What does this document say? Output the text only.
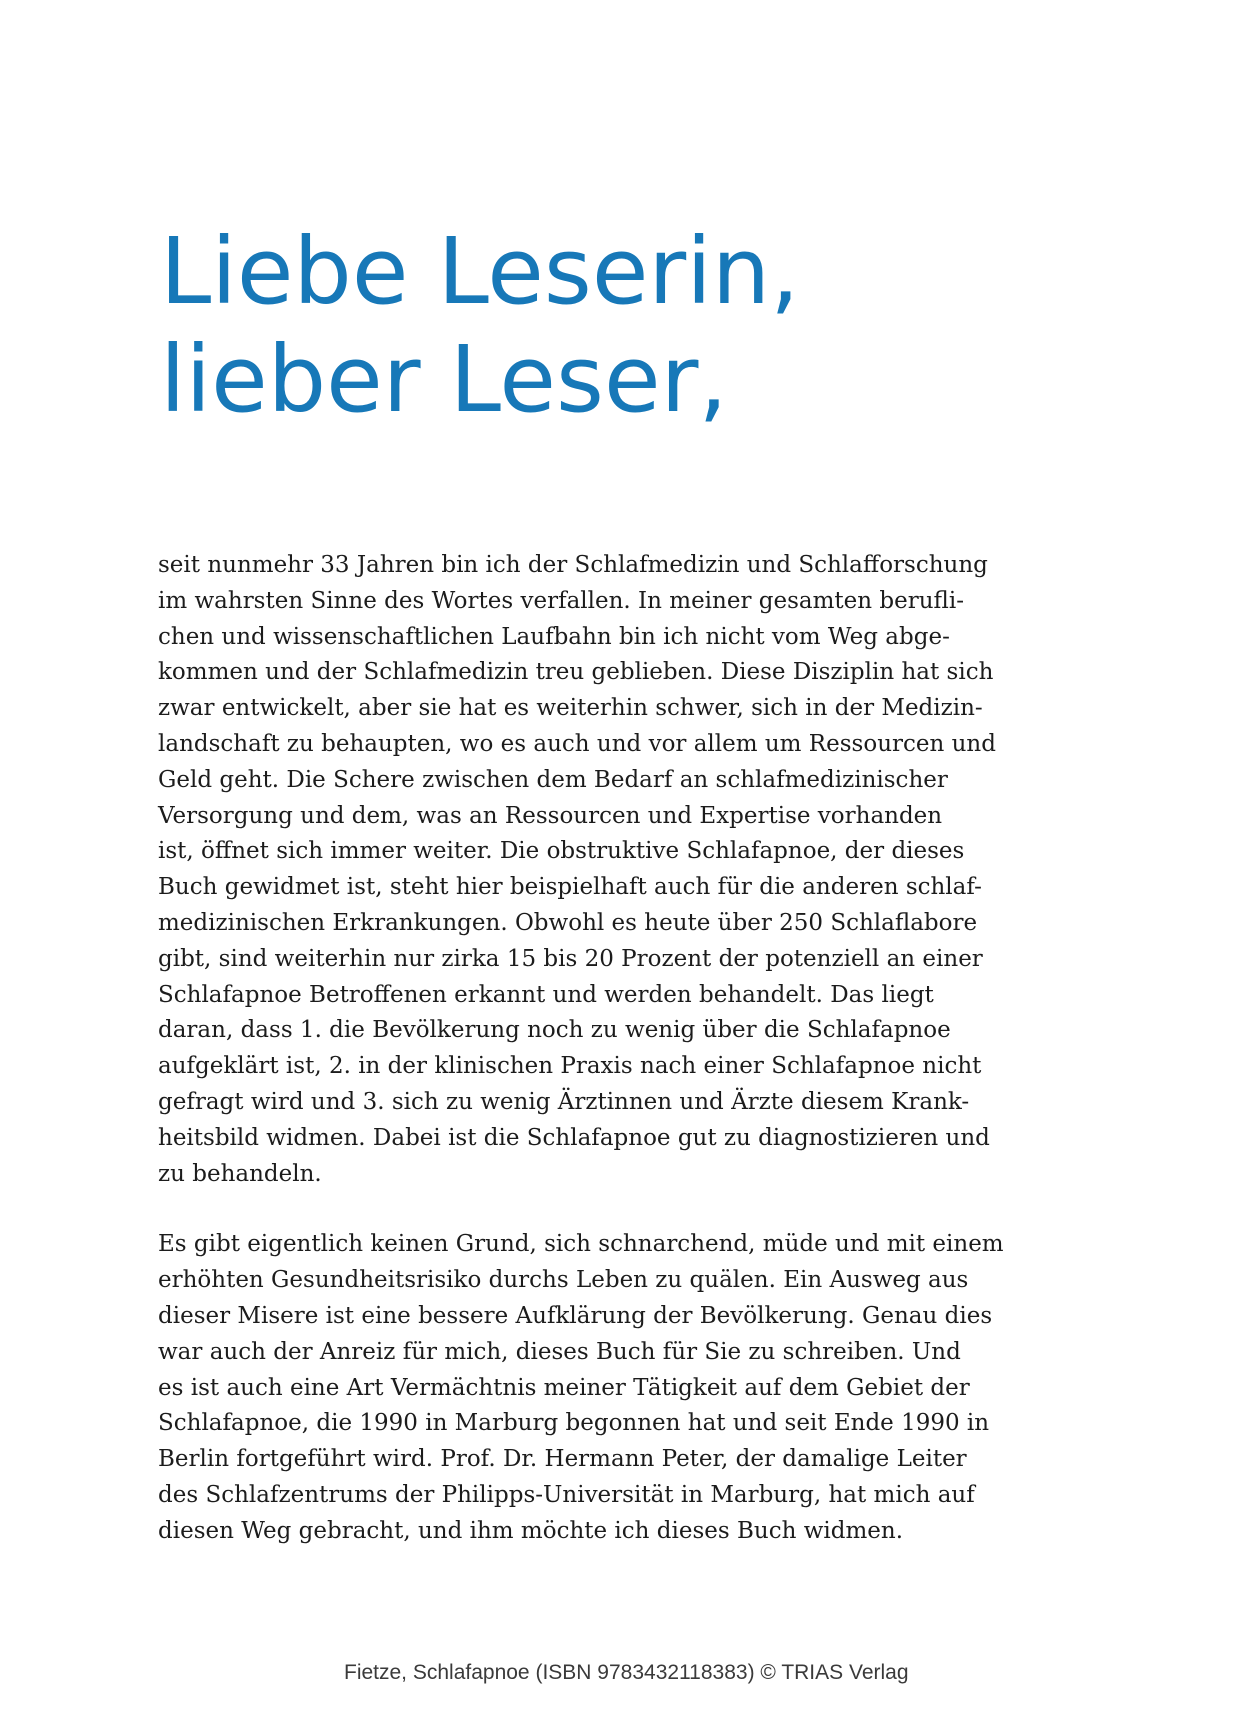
Liebe Leserin,
lieber Leser,

seit nunmehr 33 Jahren bin ich der Schlafmedizin und Schlafforschung
im wahrsten Sinne des Wortes verfallen. In meiner gesamten berufli-
chen und wissenschaftlichen Laufbahn bin ich nicht vom Weg abge-
kommen und der Schlafmedizin treu geblieben. Diese Disziplin hat sich
zwar entwickelt, aber sie hat es weiterhin schwer, sich in der Medizin-
landschaft zu behaupten, wo es auch und vor allem um Ressourcen und
Geld geht. Die Schere zwischen dem Bedarf an schlafmedizinischer
Versorgung und dem, was an Ressourcen und Expertise vorhanden
ist, öffnet sich immer weiter. Die obstruktive Schlafapnoe, der dieses
Buch gewidmet ist, steht hier beispielhaft auch für die anderen schlaf-
medizinischen Erkrankungen. Obwohl es heute über 250 Schlaflabore
gibt, sind weiterhin nur zirka 15 bis 20 Prozent der potenziell an einer
Schlafapnoe Betroffenen erkannt und werden behandelt. Das liegt
daran, dass 1. die Bevölkerung noch zu wenig über die Schlafapnoe
aufgeklärt ist, 2. in der klinischen Praxis nach einer Schlafapnoe nicht
gefragt wird und 3. sich zu wenig Ärztinnen und Ärzte diesem Krank-
heitsbild widmen. Dabei ist die Schlafapnoe gut zu diagnostizieren und
zu behandeln.

Es gibt eigentlich keinen Grund, sich schnarchend, müde und mit einem
erhöhten Gesundheitsrisiko durchs Leben zu quälen. Ein Ausweg aus
dieser Misere ist eine bessere Aufklärung der Bevölkerung. Genau dies
war auch der Anreiz für mich, dieses Buch für Sie zu schreiben. Und
es ist auch eine Art Vermächtnis meiner Tätigkeit auf dem Gebiet der
Schlafapnoe, die 1990 in Marburg begonnen hat und seit Ende 1990 in
Berlin fortgeführt wird. Prof. Dr. Hermann Peter, der damalige Leiter
des Schlafzentrums der Philipps-Universität in Marburg, hat mich auf
diesen Weg gebracht, und ihm möchte ich dieses Buch widmen.

Fietze, Schlafapnoe (ISBN 9783432118383) © TRIAS Verlag
